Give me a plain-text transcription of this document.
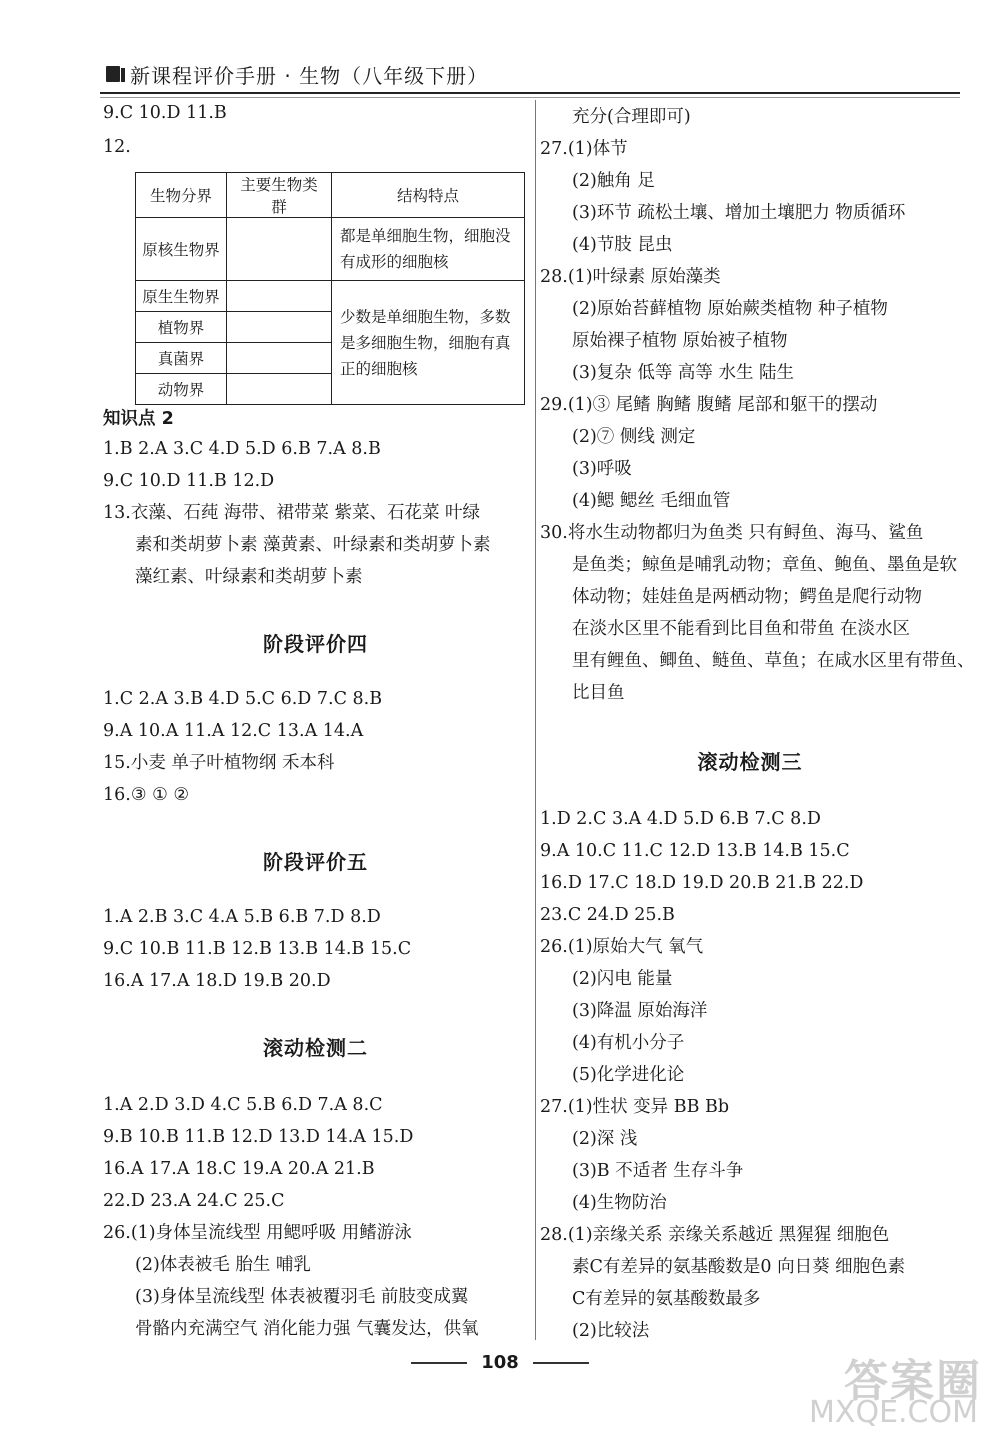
新课程评价手册 · 生物（八年级下册）
9.C 10.D 11.B
12.
生物分界	主要生物类群	结构特点
原核生物界		都是单细胞生物，细胞没有成形的细胞核
原生生物界		少数是单细胞生物，多数是多细胞生物，细胞有真正的细胞核
植物界		
真菌界		
动物界		
知识点 2
1.B 2.A 3.C 4.D 5.D 6.B 7.A 8.B
9.C 10.D 11.B 12.D
13.衣藻、石莼 海带、裙带菜 紫菜、石花菜 叶绿
素和类胡萝卜素 藻黄素、叶绿素和类胡萝卜素
藻红素、叶绿素和类胡萝卜素
阶段评价四
1.C 2.A 3.B 4.D 5.C 6.D 7.C 8.B
9.A 10.A 11.A 12.C 13.A 14.A
15.小麦 单子叶植物纲 禾本科
16.③ ① ②
阶段评价五
1.A 2.B 3.C 4.A 5.B 6.B 7.D 8.D
9.C 10.B 11.B 12.B 13.B 14.B 15.C
16.A 17.A 18.D 19.B 20.D
滚动检测二
1.A 2.D 3.D 4.C 5.B 6.D 7.A 8.C
9.B 10.B 11.B 12.D 13.D 14.A 15.D
16.A 17.A 18.C 19.A 20.A 21.B
22.D 23.A 24.C 25.C
26.(1)身体呈流线型 用鳃呼吸 用鳍游泳
(2)体表被毛 胎生 哺乳
(3)身体呈流线型 体表被覆羽毛 前肢变成翼
骨骼内充满空气 消化能力强 气囊发达，供氧
充分(合理即可)
27.(1)体节
(2)触角 足
(3)环节 疏松土壤、增加土壤肥力 物质循环
(4)节肢 昆虫
28.(1)叶绿素 原始藻类
(2)原始苔藓植物 原始蕨类植物 种子植物
原始裸子植物 原始被子植物
(3)复杂 低等 高等 水生 陆生
29.(1)③ 尾鳍 胸鳍 腹鳍 尾部和躯干的摆动
(2)⑦ 侧线 测定
(3)呼吸
(4)鳃 鳃丝 毛细血管
30.将水生动物都归为鱼类 只有鲟鱼、海马、鲨鱼
是鱼类；鲸鱼是哺乳动物；章鱼、鲍鱼、墨鱼是软
体动物；娃娃鱼是两栖动物；鳄鱼是爬行动物
在淡水区里不能看到比目鱼和带鱼 在淡水区
里有鲤鱼、鲫鱼、鲢鱼、草鱼；在咸水区里有带鱼、
比目鱼
滚动检测三
1.D 2.C 3.A 4.D 5.D 6.B 7.C 8.D
9.A 10.C 11.C 12.D 13.B 14.B 15.C
16.D 17.C 18.D 19.D 20.B 21.B 22.D
23.C 24.D 25.B
26.(1)原始大气 氧气
(2)闪电 能量
(3)降温 原始海洋
(4)有机小分子
(5)化学进化论
27.(1)性状 变异 BB Bb
(2)深 浅
(3)B 不适者 生存斗争
(4)生物防治
28.(1)亲缘关系 亲缘关系越近 黑猩猩 细胞色
素C有差异的氨基酸数是0 向日葵 细胞色素
C有差异的氨基酸数最多
(2)比较法
108	答案圈
MXQE.COM
